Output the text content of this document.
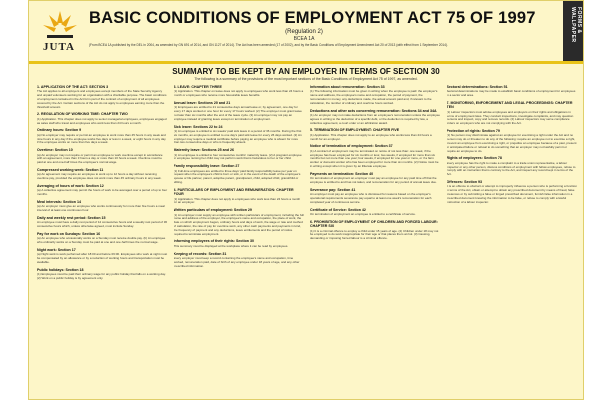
JUTA
BASIC CONDITIONS OF EMPLOYMENT ACT 75 OF 1997
(Regulation 2)
BCEA 1A
(From BCEA 1A published by the DEL in 2004, as amended by GN 691 of 2014, and GN 1127 of 2014). The Act has been amended (17 of 2002), and by the Basic Conditions of Employment Amendment Act 20 of 2013 (with effect from 1 September 2014).
FORMS & WALLPAPER
SUMMARY TO BE KEPT BY AN EMPLOYER IN TERMS OF SECTION 30
The following is a summary of the provisions of the most important sections of the Basic Conditions of Employment Act 75 of 1997, as amended.
1. APPLICATION OF THE ACT: SECTION 3
The Act applies to all employers and employees except members of the State Security Agency and unpaid volunteers working for an organisation with a charitable purpose. The basic conditions of employment contained in the Act form part of the contract of employment of all employees covered by the Act. Certain sections of the Act do not apply to employees earning more than the threshold amount.
2. REGULATION OF WORKING TIME: CHAPTER TWO
(1) Application. This chapter does not apply to senior managerial employees, employees engaged as sales staff who travel and employees who work less than 24 hours a month.
Ordinary hours: Section 9
(a) No employer may require or permit an employee to work more than 45 hours in any week and nine hours in any day if the employee works five days or less in a week, or eight hours in any day if the employee works on more than five days a week.
Overtime: Section 10
(a) An employer may not require or permit an employee to work overtime except in accordance with an agreement, more than 3 hours a day or more than 10 hours a week. Overtime must be paid at one and one-half times the employee's normal wage.
Compressed working week: Section 11
(a) An agreement may require an employee to work up to 12 hours a day without receiving overtime pay, provided the employee does not work more than 45 ordinary hours in any week.
Averaging of hours of work: Section 12
(a) A collective agreement may permit the hours of work to be averaged over a period of up to four months.
Meal intervals: Section 14
(a) An employer must give an employee who works continuously for more than five hours a meal interval of at least one continuous hour.
Daily and weekly rest period: Section 15
An employee must have a daily rest period of 12 consecutive hours and a weekly rest period of 36 consecutive hours which, unless otherwise agreed, must include Sunday.
Pay for work on Sundays: Section 16
(a) An employee who occasionally works on a Sunday must receive double pay. (b) An employee who ordinarily works on a Sunday must be paid at one and one-half times the normal wage.
Night work: Section 17
(a) Night work is work performed after 18:00 and before 06:00. Employees who work at night must be compensated by an allowance or by a reduction of working hours and transportation must be available.
Public holidays: Section 18
(1) Employees must be paid their ordinary wage for any public holiday that falls on a working day. (2) Work on a public holiday is by agreement only.
3. LEAVE: CHAPTER THREE
(1) Application. This chapter on leave does not apply to employees who work less than 24 hours a month or employees who receive more favourable leave benefits.
Annual leave: Sections 20 and 21
(1) Employees are entitled to 21 consecutive days annual leave or, by agreement, one day for every 17 days worked or one hour for every 17 hours worked. (2) The employer must grant leave not later than six months after the end of the leave cycle. (3) An employer may not pay an employee instead of granting leave except on termination of employment.
Sick leave: Sections 22 to 24
(1) An employee is entitled to six weeks' paid sick leave in a period of 36 months. During the first six months, an employee is entitled to one day's paid sick leave for every 26 days worked. (2) An employer may require a medical certificate before paying an employee who is absent for more than two consecutive days or who is frequently absent.
Maternity leave: Sections 25 and 26
(1) An employee is entitled to four consecutive months' maternity leave. (2) A pregnant employee or employee nursing her child may not perform work that is hazardous to her or her child.
Family responsibility leave: Section 27
(1) Full-time employees are entitled to three days' paid family responsibility leave per year on request when the employee's child is born or sick, or in the event of the death of the employee's spouse or life partner, parent, adoptive parent, grandparent, child, adopted child, grandchild or sibling.
4. PARTICULARS OF EMPLOYMENT AND REMUNERATION: CHAPTER FOUR
(1) Application. This chapter does not apply to employees who work less than 24 hours a month for an employer.
Written particulars of employment: Section 29
(1) An employer must supply an employee with written particulars of employment, including the full name and address of the employer, the employee's name and occupation, the place of work, the date on which employment began, ordinary hours and days of work, the wage or rate and method of calculation, the rate of pay for overtime work, any other cash payments and payments in kind, the frequency of payment and any deductions, leave entitlements and the period of notice required to terminate employment.
Informing employees of their rights: Section 30
This summary must be displayed at the workplace where it can be read by employees.
Keeping of records: Section 31
Every employer must keep a record containing the employee's name and occupation, time worked, remuneration paid, date of birth of any employee under 18 years of age, and any other prescribed information.
Information about remuneration: Section 33
(1) The following information must be given in writing when the employee is paid: the employer's name and address, the employee's name and occupation, the period of payment, the remuneration in money, any deductions made, the actual amount paid and, if relevant to the calculation, the number of ordinary and overtime hours worked.
Deductions and other acts concerning remuneration: Sections 34 and 34A
(1) An employer may not make deductions from an employee's remuneration unless the employee agrees in writing to the deduction of a specific debt, or the deduction is required by law, a collective agreement, a court order or an arbitration award.
5. TERMINATION OF EMPLOYMENT: CHAPTER FIVE
(1) Application. This chapter does not apply to an employee who works less than 24 hours a month for an employer.
Notice of termination of employment: Section 37
(1) A contract of employment may be terminated on notice of not less than: one week, if the employee has been employed for six months or less; two weeks, if employed for more than six months but not more than one year; four weeks, if employed for one year or more, or if a farm worker or domestic worker who has been employed for more than six months. (2) Notice must be in writing except when it is given by an illiterate employee.
Payments on termination: Section 40
On termination of employment an employer must pay an employee for any paid time off that the employee is entitled to and has not taken, and remuneration for any period of annual leave due.
Severance pay: Section 41
An employer must pay an employee who is dismissed for reasons based on the employer's operational requirements severance pay equal to at least one week's remuneration for each completed year of continuous service.
Certificate of Service: Section 42
On termination of employment an employee is entitled to a certificate of service.
6. PROHIBITION OF EMPLOYMENT OF CHILDREN AND FORCED LABOUR: CHAPTER SIX
(1) It is a criminal offence to employ a child under 15 years of age. (2) Children under 18 may not be employed to do work inappropriate for their age or that places them at risk. (3) Causing, demanding or imposing forced labour is a criminal offence.
Sectoral determinations: Section 51
Sectoral determinations may be made to establish basic conditions of employment for employees in a sector and area.
7. MONITORING, ENFORCEMENT AND LEGAL PROCEEDINGS: CHAPTER TEN
(1) Labour inspectors must advise employees and employers on their rights and obligations in terms of employment laws. They conduct inspections, investigate complaints, and may question persons and inspect, copy and remove records. (2) Labour inspectors may serve compliance orders on employers who are not complying with the Act.
Protection of rights: Section 79
(1) No person may discriminate against an employee for exercising a right under the Act and no person may do or threaten to do any of the following: require an employee not to exercise a right, prevent an employee from exercising a right, or prejudice an employee because of a past, present or anticipated failure or refusal to do something that an employer may not lawfully permit or require an employee to do.
Rights of employees: Section 78
Every employee has the right to make a complaint to a trade union representative, a labour inspector or any other person, discuss conditions of employment with fellow employees, refuse to comply with an instruction that is contrary to the Act, and inspect any record kept in terms of the Act.
Offences: Section 93
It is an offence to obstruct or attempt to improperly influence a person who is performing a function in terms of the Act, obtain or attempt to obtain any prescribed document by means of fraud, false pretences or by submitting a false or forged prescribed document, furnish false information in a prescribed document knowing the information to be false, or refuse to comply with a lawful instruction of a labour inspector.
